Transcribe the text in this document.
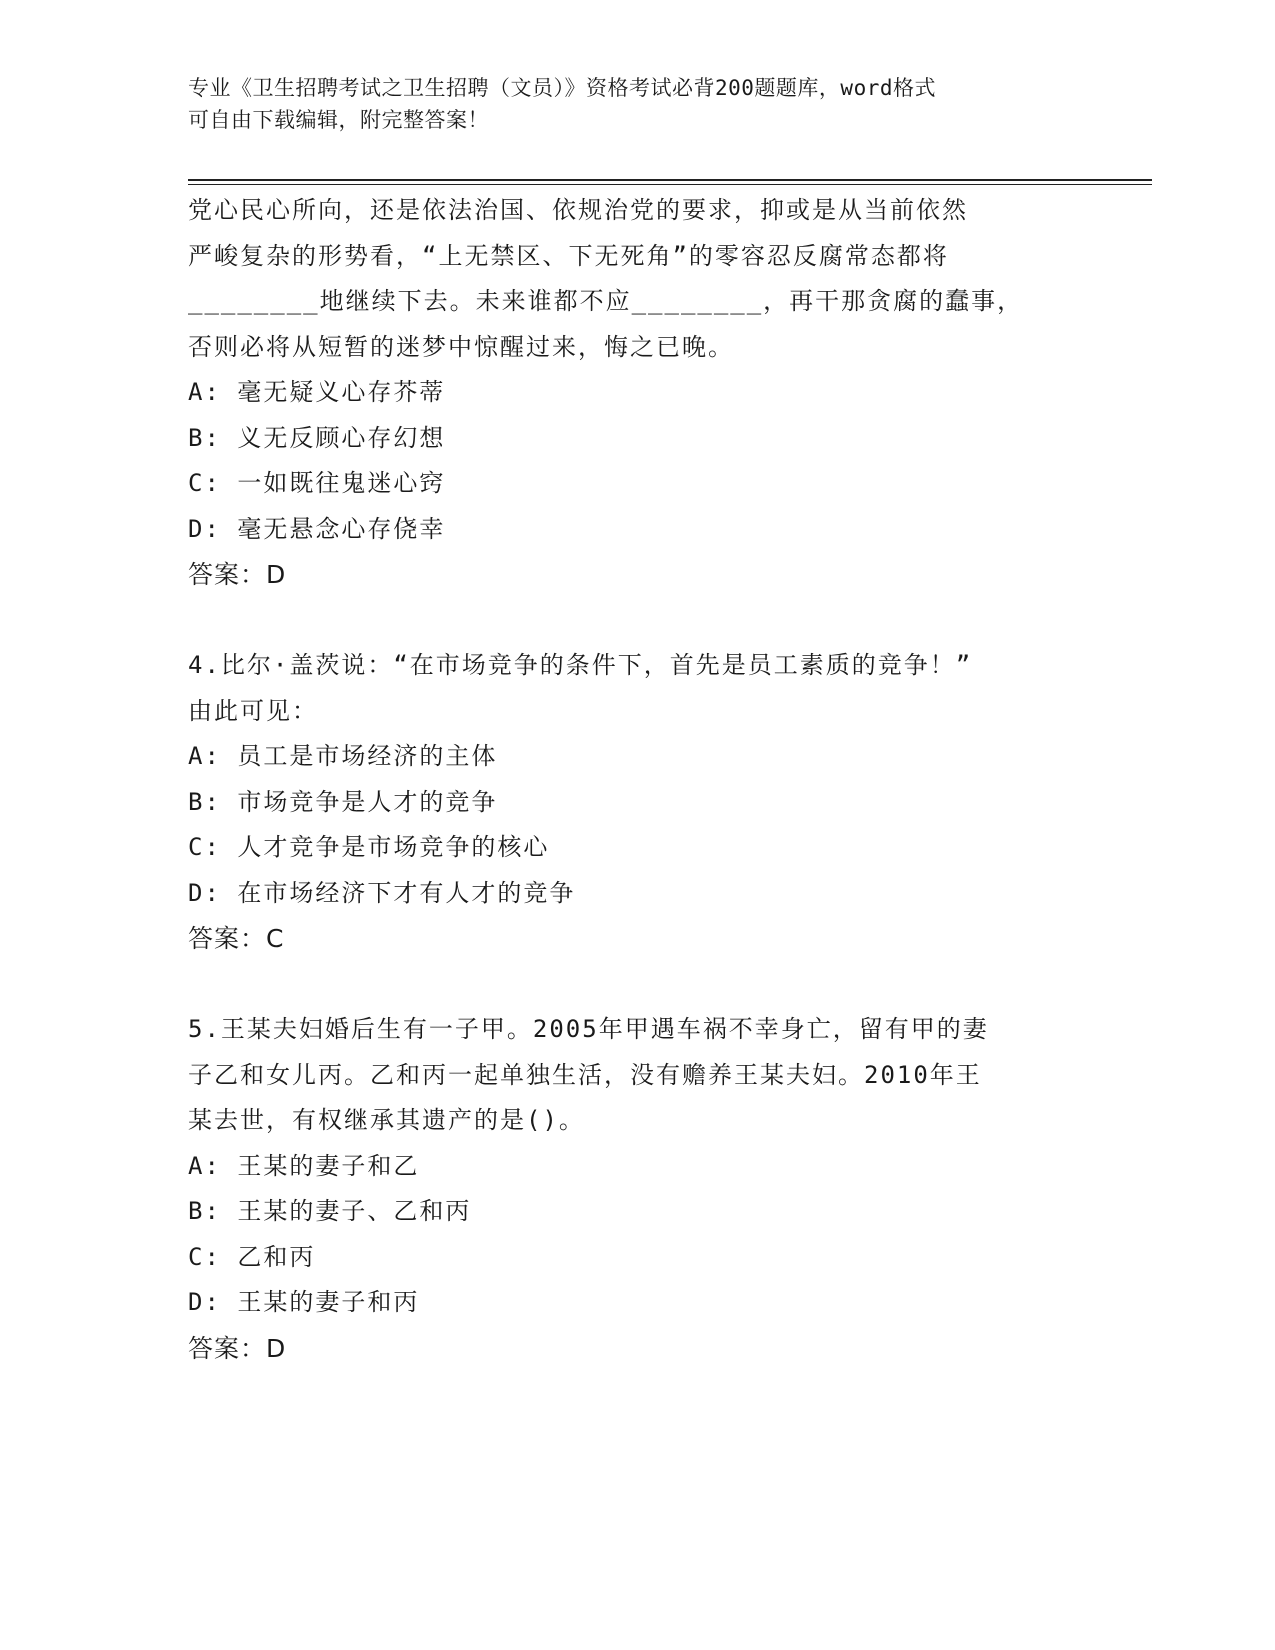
专业《卫生招聘考试之卫生招聘（文员）》资格考试必背200题题库，word格式
可自由下载编辑，附完整答案！
党心民心所向，还是依法治国、依规治党的要求，抑或是从当前依然
严峻复杂的形势看，“上无禁区、下无死角”的零容忍反腐常态都将
________地继续下去。未来谁都不应________，再干那贪腐的蠢事，
否则必将从短暂的迷梦中惊醒过来，悔之已晚。
A: 毫无疑义心存芥蒂
B: 义无反顾心存幻想
C: 一如既往鬼迷心窍
D: 毫无悬念心存侥幸
答案：D
4.比尔·盖茨说：“在市场竞争的条件下，首先是员工素质的竞争！”
由此可见：
A: 员工是市场经济的主体
B: 市场竞争是人才的竞争
C: 人才竞争是市场竞争的核心
D: 在市场经济下才有人才的竞争
答案：C
5.王某夫妇婚后生有一子甲。2005年甲遇车祸不幸身亡，留有甲的妻
子乙和女儿丙。乙和丙一起单独生活，没有赡养王某夫妇。2010年王
某去世，有权继承其遗产的是()。
A: 王某的妻子和乙
B: 王某的妻子、乙和丙
C: 乙和丙
D: 王某的妻子和丙
答案：D
